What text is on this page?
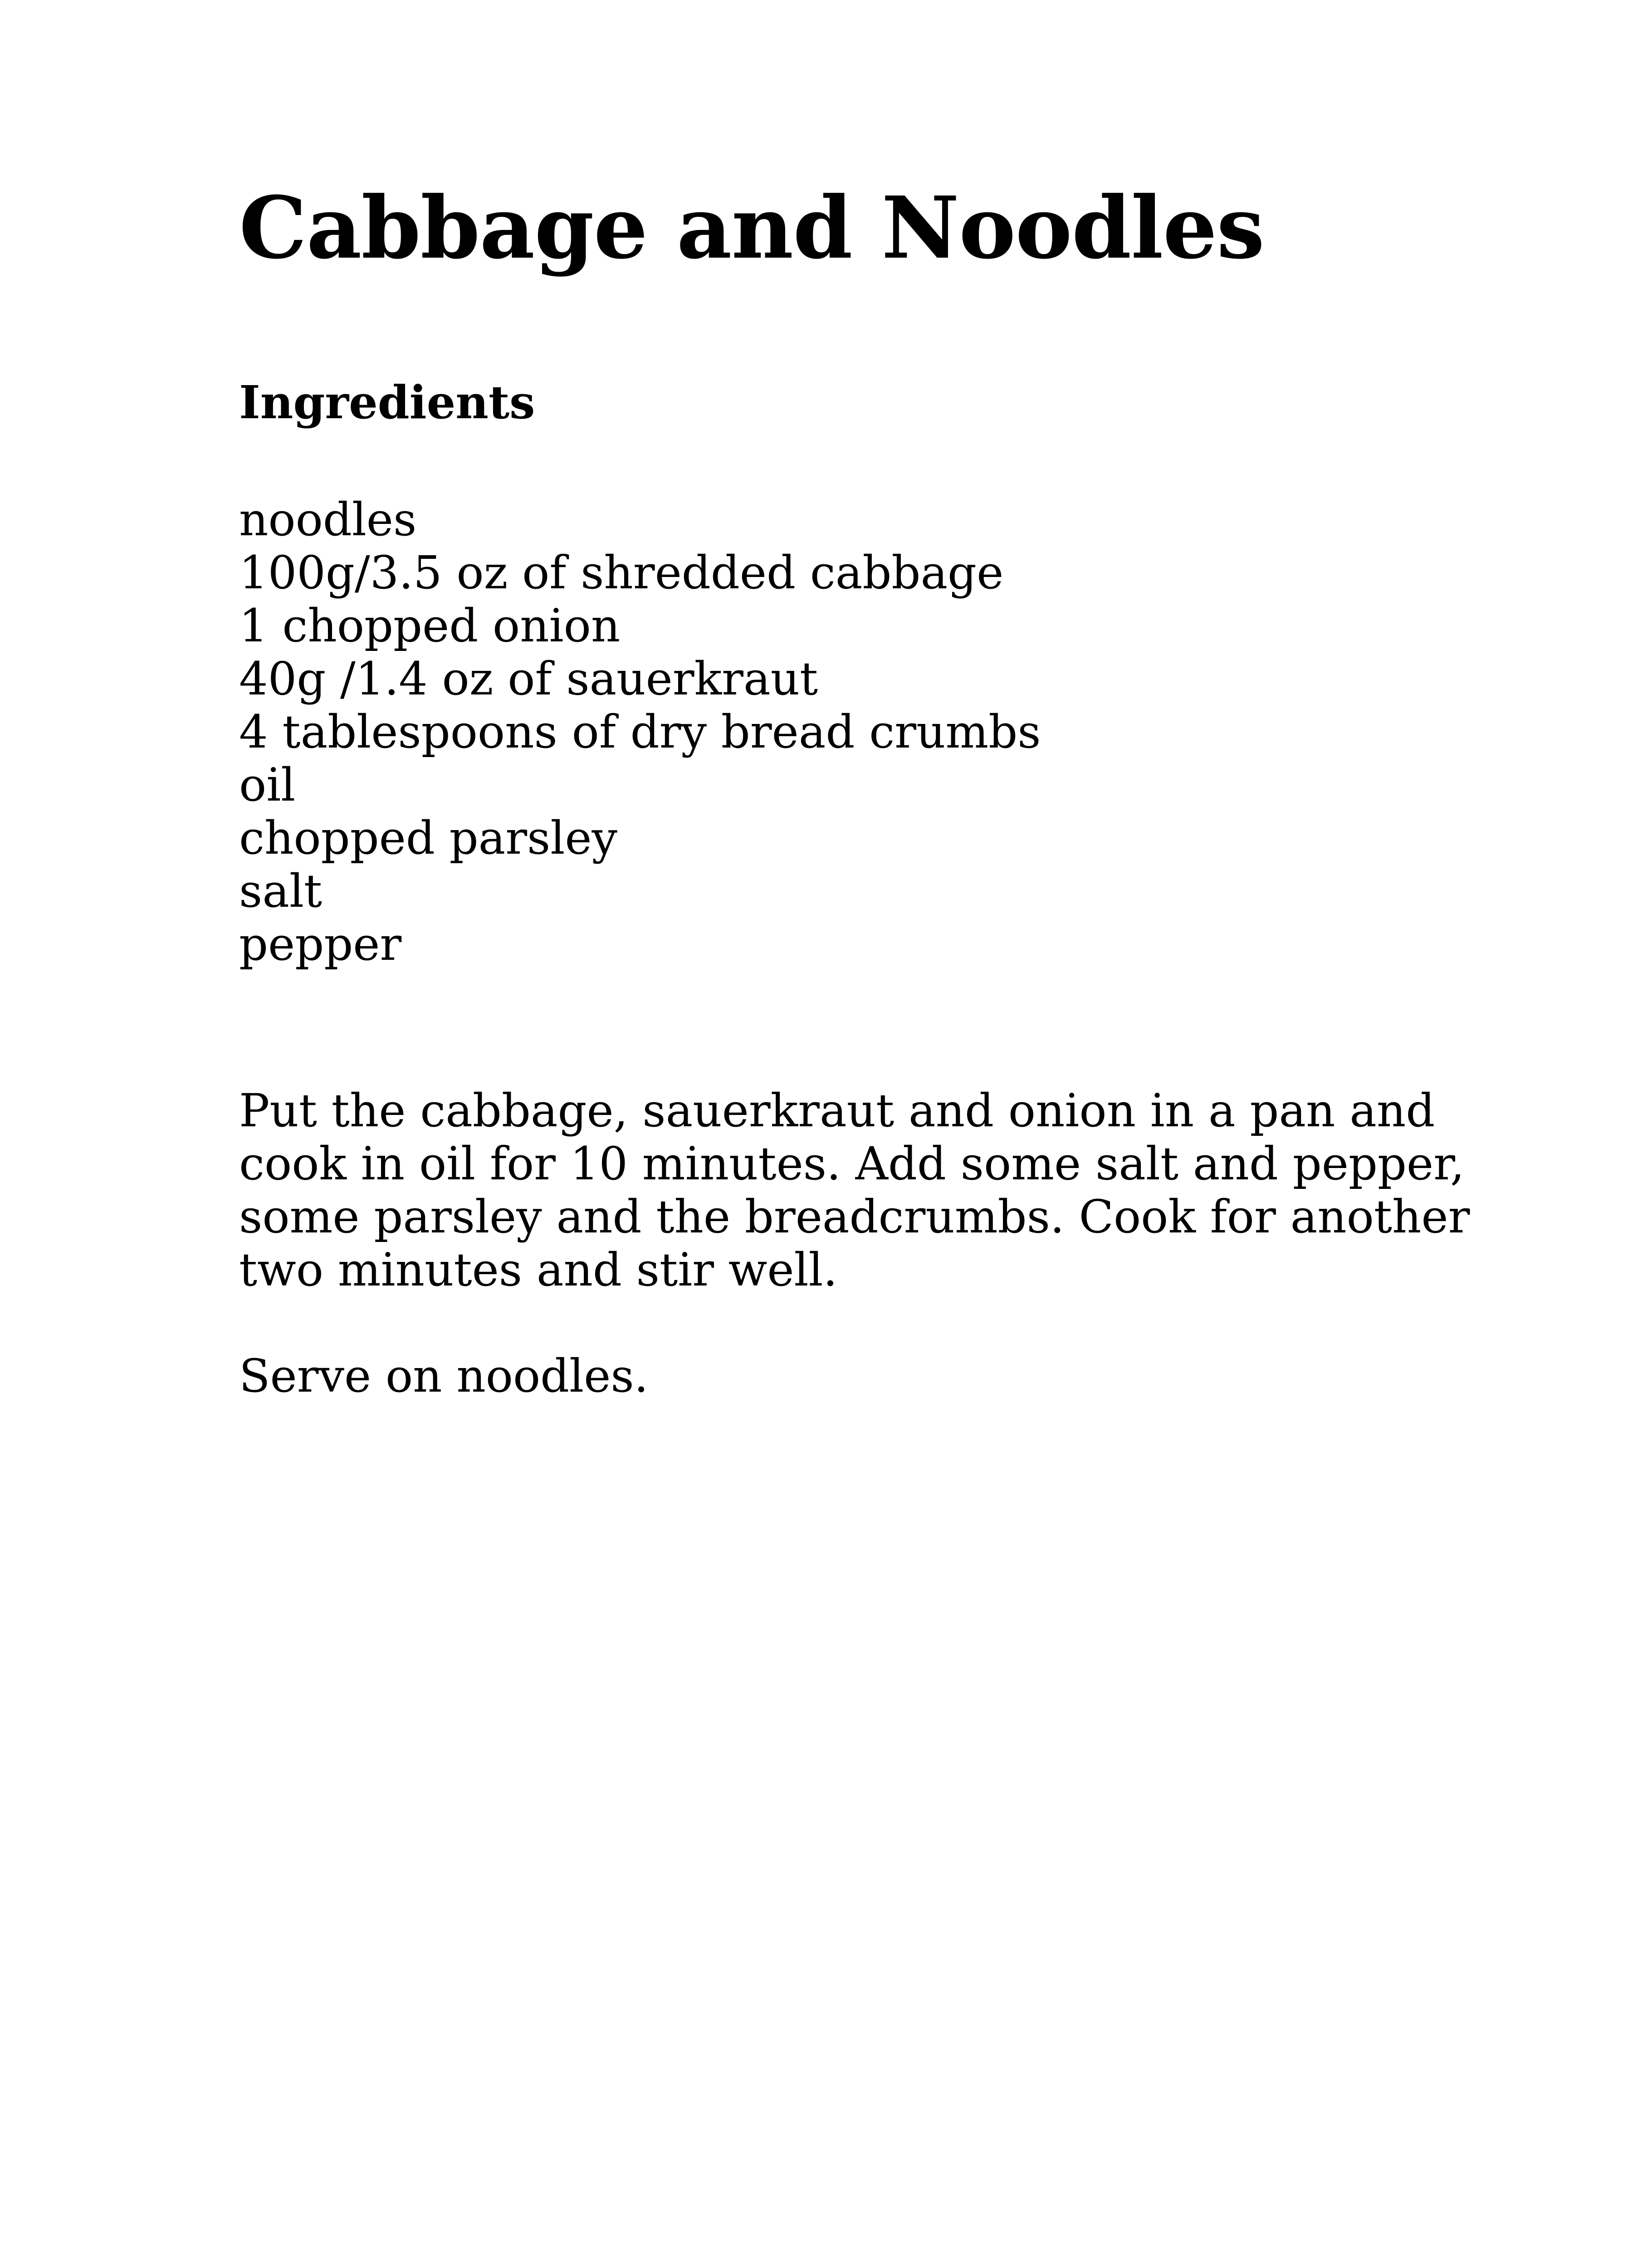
Cabbage and Noodles
Ingredients
noodles
100g/3.5 oz of shredded cabbage
1 chopped onion
40g /1.4 oz of sauerkraut
4 tablespoons of dry bread crumbs
oil
chopped parsley
salt
pepper

Put the cabbage, sauerkraut and onion in a pan and cook in oil for 10 minutes. Add some salt and pepper, some parsley and the breadcrumbs. Cook for another two minutes and stir well.

Serve on noodles.
